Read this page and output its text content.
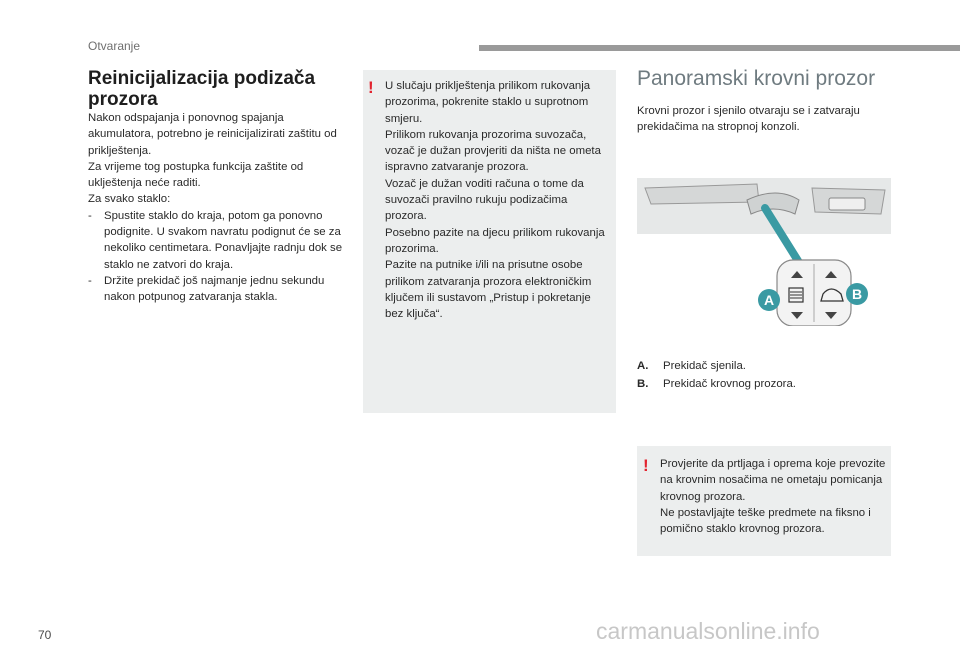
Otvaranje
Reinicijalizacija podizača prozora

Nakon odspajanja i ponovnog spajanja akumulatora, potrebno je reinicijalizirati zaštitu od priklještenja.

Za vrijeme tog postupka funkcija zaštite od uklještenja neće raditi.

Za svako staklo:

- Spustite staklo do kraja, potom ga ponovno podignite. U svakom navratu podignut će se za nekoliko centimetara. Ponavljajte radnju dok se staklo ne zatvori do kraja.
- Držite prekidač još najmanje jednu sekundu nakon potpunog zatvaranja stakla.
! U slučaju priklještenja prilikom rukovanja prozorima, pokrenite staklo u suprotnom smjeru.

Prilikom rukovanja prozorima suvozača, vozač je dužan provjeriti da ništa ne ometa ispravno zatvaranje prozora.

Vozač je dužan voditi računa o tome da suvozači pravilno rukuju podizačima prozora.

Posebno pazite na djecu prilikom rukovanja prozorima.

Pazite na putnike i/ili na prisutne osobe prilikom zatvaranja prozora elektroničkim ključem ili sustavom „Pristup i pokretanje bez ključa“.

Panoramski krovni prozor

Krovni prozor i sjenilo otvaraju se i zatvaraju prekidačima na stropnoj konzoli.

A	B
A. Prekidač sjenila.
B. Prekidač krovnog prozora.
! Provjerite da prtljaga i oprema koje prevozite na krovnim nosačima ne ometaju pomicanja krovnog prozora.

Ne postavljajte teške predmete na fiksno i pomično staklo krovnog prozora.

70	carmanualsonline.info
